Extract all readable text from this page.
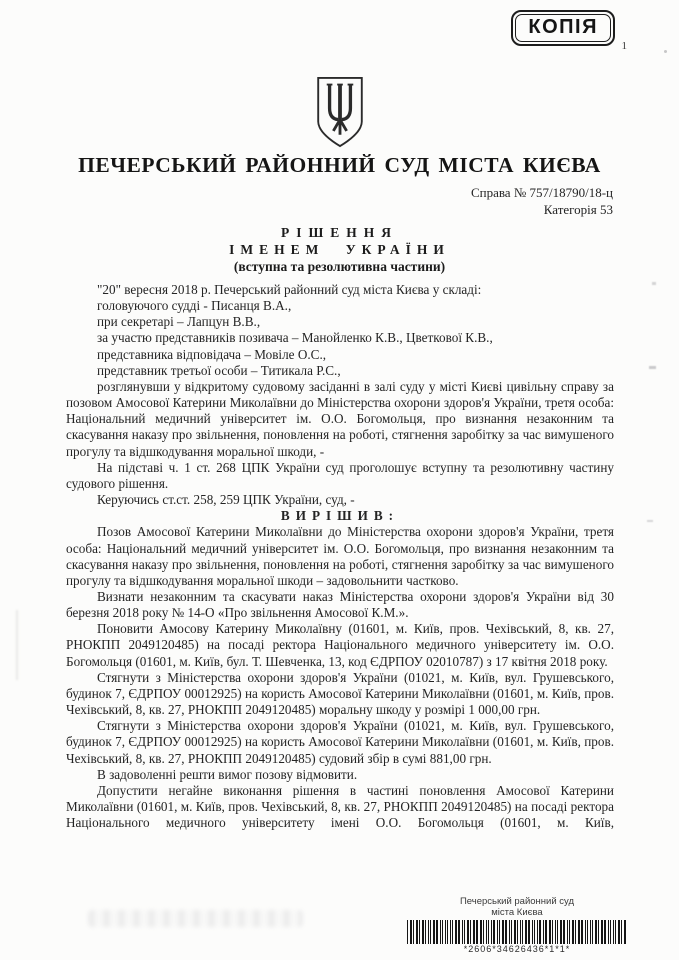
КОПІЯ
1
ПЕЧЕРСЬКИЙ РАЙОННИЙ СУД МІСТА КИЄВА
Справа № 757/18790/18-ц
Категорія 53
РІШЕННЯ
ІМЕНЕМ УКРАЇНИ
(вступна та резолютивна частини)

"20" вересня 2018 р. Печерський районний суд міста Києва у складі:

головуючого судді - Писанця В.А.,

при секретарі – Лапцун В.В.,

за участю представників позивача – Манойленко К.В., Цветкової К.В.,

представника відповідача – Мовіле О.С.,

представник третьої особи – Титикала Р.С.,

розглянувши у відкритому судовому засіданні в залі суду у місті Києві цивільну справу за позовом Амосової Катерини Миколаївни до Міністерства охорони здоров'я України, третя особа: Національний медичний університет ім. О.О. Богомольця, про визнання незаконним та скасування наказу про звільнення, поновлення на роботі, стягнення заробітку за час вимушеного прогулу та відшкодування моральної шкоди, -

На підставі ч. 1 ст. 268 ЦПК України суд проголошує вступну та резолютивну частину судового рішення.

Керуючись ст.ст. 258, 259 ЦПК України, суд, -

ВИРІШИВ:

Позов Амосової Катерини Миколаївни до Міністерства охорони здоров'я України, третя особа: Національний медичний університет ім. О.О. Богомольця, про визнання незаконним та скасування наказу про звільнення, поновлення на роботі, стягнення заробітку за час вимушеного прогулу та відшкодування моральної шкоди – задовольнити частково.

Визнати незаконним та скасувати наказ Міністерства охорони здоров'я України від 30 березня 2018 року № 14-О «Про звільнення Амосової К.М.».

Поновити Амосову Катерину Миколаївну (01601, м. Київ, пров. Чехівський, 8, кв. 27, РНОКПП 2049120485) на посаді ректора Національного медичного університету ім. О.О. Богомольця (01601, м. Київ, бул. Т. Шевченка, 13, код ЄДРПОУ 02010787) з 17 квітня 2018 року.

Стягнути з Міністерства охорони здоров'я України (01021, м. Київ, вул. Грушевського, будинок 7, ЄДРПОУ 00012925) на користь Амосової Катерини Миколаївни (01601, м. Київ, пров. Чехівський, 8, кв. 27, РНОКПП 2049120485) моральну шкоду у розмірі 1 000,00 грн.

Стягнути з Міністерства охорони здоров'я України (01021, м. Київ, вул. Грушевського, будинок 7, ЄДРПОУ 00012925) на користь Амосової Катерини Миколаївни (01601, м. Київ, пров. Чехівський, 8, кв. 27, РНОКПП 2049120485) судовий збір в сумі 881,00 грн.

В задоволенні решти вимог позову відмовити.

Допустити негайне виконання рішення в частині поновлення Амосової Катерини Миколаївни (01601, м. Київ, пров. Чехівський, 8, кв. 27, РНОКПП 2049120485) на посаді ректора Національного медичного університету імені О.О. Богомольця (01601, м. Київ,

Печерський районний суд
міста Києва
*2606*34626436*1*1*
